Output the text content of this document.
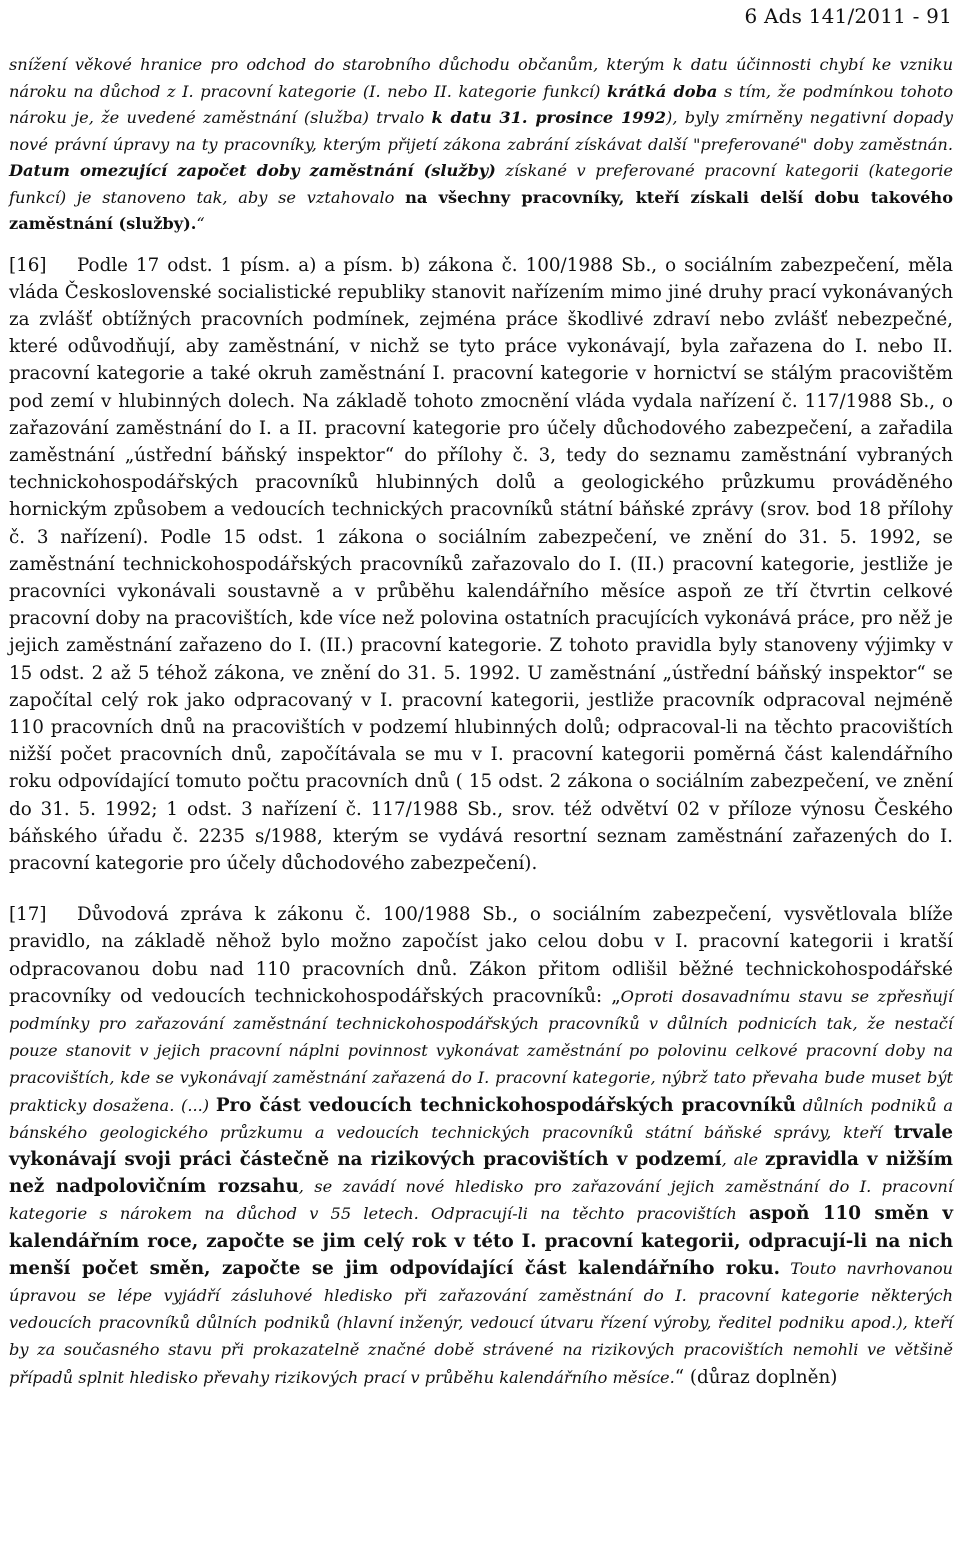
6 Ads 141/2011 - 91
snížení věkové hranice pro odchod do starobního důchodu občanům, kterým k datu účinnosti chybí ke vzniku nároku na důchod z I. pracovní kategorie (I. nebo II. kategorie funkcí) krátká doba s tím, že podmínkou tohoto nároku je, že uvedené zaměstnání (služba) trvalo k datu 31. prosince 1992), byly zmírněny negativní dopady nové právní úpravy na ty pracovníky, kterým přijetí zákona zabrání získávat další "preferované" doby zaměstnán. Datum omezující započet doby zaměstnání (služby) získané v preferované pracovní kategorii (kategorie funkcí) je stanoveno tak, aby se vztahovalo na všechny pracovníky, kteří získali delší dobu takového zaměstnání (služby).“
[16] Podle 17 odst. 1 písm. a) a písm. b) zákona č. 100/1988 Sb., o sociálním zabezpečení, měla vláda Československé socialistické republiky stanovit nařízením mimo jiné druhy prací vykonávaných za zvlášť obtížných pracovních podmínek, zejména práce škodlivé zdraví nebo zvlášť nebezpečné, které odůvodňují, aby zaměstnání, v nichž se tyto práce vykonávají, byla zařazena do I. nebo II. pracovní kategorie a také okruh zaměstnání I. pracovní kategorie v hornictví se stálým pracovištěm pod zemí v hlubinných dolech. Na základě tohoto zmocnění vláda vydala nařízení č. 117/1988 Sb., o zařazování zaměstnání do I. a II. pracovní kategorie pro účely důchodového zabezpečení, a zařadila zaměstnání „ústřední báňský inspektor“ do přílohy č. 3, tedy do seznamu zaměstnání vybraných technickohospodářských pracovníků hlubinných dolů a geologického průzkumu prováděného hornickým způsobem a vedoucích technických pracovníků státní báňské zprávy (srov. bod 18 přílohy č. 3 nařízení). Podle 15 odst. 1 zákona o sociálním zabezpečení, ve znění do 31. 5. 1992, se zaměstnání technickohospodářských pracovníků zařazovalo do I. (II.) pracovní kategorie, jestliže je pracovníci vykonávali soustavně a v průběhu kalendářního měsíce aspoň ze tří čtvrtin celkové pracovní doby na pracovištích, kde více než polovina ostatních pracujících vykonává práce, pro něž je jejich zaměstnání zařazeno do I. (II.) pracovní kategorie. Z tohoto pravidla byly stanoveny výjimky v 15 odst. 2 až 5 téhož zákona, ve znění do 31. 5. 1992. U zaměstnání „ústřední báňský inspektor“ se započítal celý rok jako odpracovaný v I. pracovní kategorii, jestliže pracovník odpracoval nejméně 110 pracovních dnů na pracovištích v podzemí hlubinných dolů; odpracoval-li na těchto pracovištích nižší počet pracovních dnů, započítávala se mu v I. pracovní kategorii poměrná část kalendářního roku odpovídající tomuto počtu pracovních dnů ( 15 odst. 2 zákona o sociálním zabezpečení, ve znění do 31. 5. 1992; 1 odst. 3 nařízení č. 117/1988 Sb., srov. též odvětví 02 v příloze výnosu Českého báňského úřadu č. 2235 s/1988, kterým se vydává resortní seznam zaměstnání zařazených do I. pracovní kategorie pro účely důchodového zabezpečení).
[17] Důvodová zpráva k zákonu č. 100/1988 Sb., o sociálním zabezpečení, vysvětlovala blíže pravidlo, na základě něhož bylo možno započíst jako celou dobu v I. pracovní kategorii i kratší odpracovanou dobu nad 110 pracovních dnů. Zákon přitom odlišil běžné technickohospodářské pracovníky od vedoucích technickohospodářských pracovníků: „Oproti dosavadnímu stavu se zpřesňují podmínky pro zařazování zaměstnání technickohospodářských pracovníků v důlních podnicích tak, že nestačí pouze stanovit v jejich pracovní náplni povinnost vykonávat zaměstnání po polovinu celkové pracovní doby na pracovištích, kde se vykonávají zaměstnání zařazená do I. pracovní kategorie, nýbrž tato převaha bude muset být prakticky dosažena. (...) Pro část vedoucích technickohospodářských pracovníků důlních podniků a bánského geologického průzkumu a vedoucích technických pracovníků státní báňské správy, kteří trvale vykonávají svoji práci částečně na rizikových pracovištích v podzemí, ale zpravidla v nižším než nadpolovičním rozsahu, se zavádí nové hledisko pro zařazování jejich zaměstnání do I. pracovní kategorie s nárokem na důchod v 55 letech. Odpracují-li na těchto pracovištích aspoň 110 směn v kalendářním roce, započte se jim celý rok v této I. pracovní kategorii, odpracují-li na nich menší počet směn, započte se jim odpovídající část kalendářního roku. Touto navrhovanou úpravou se lépe vyjádří zásluhové hledisko při zařazování zaměstnání do I. pracovní kategorie některých vedoucích pracovníků důlních podniků (hlavní inženýr, vedoucí útvaru řízení výroby, ředitel podniku apod.), kteří by za současného stavu při prokazatelně značné době strávené na rizikových pracovištích nemohli ve většině případů splnit hledisko převahy rizikových prací v průběhu kalendářního měsíce.“ (důraz doplněn)
